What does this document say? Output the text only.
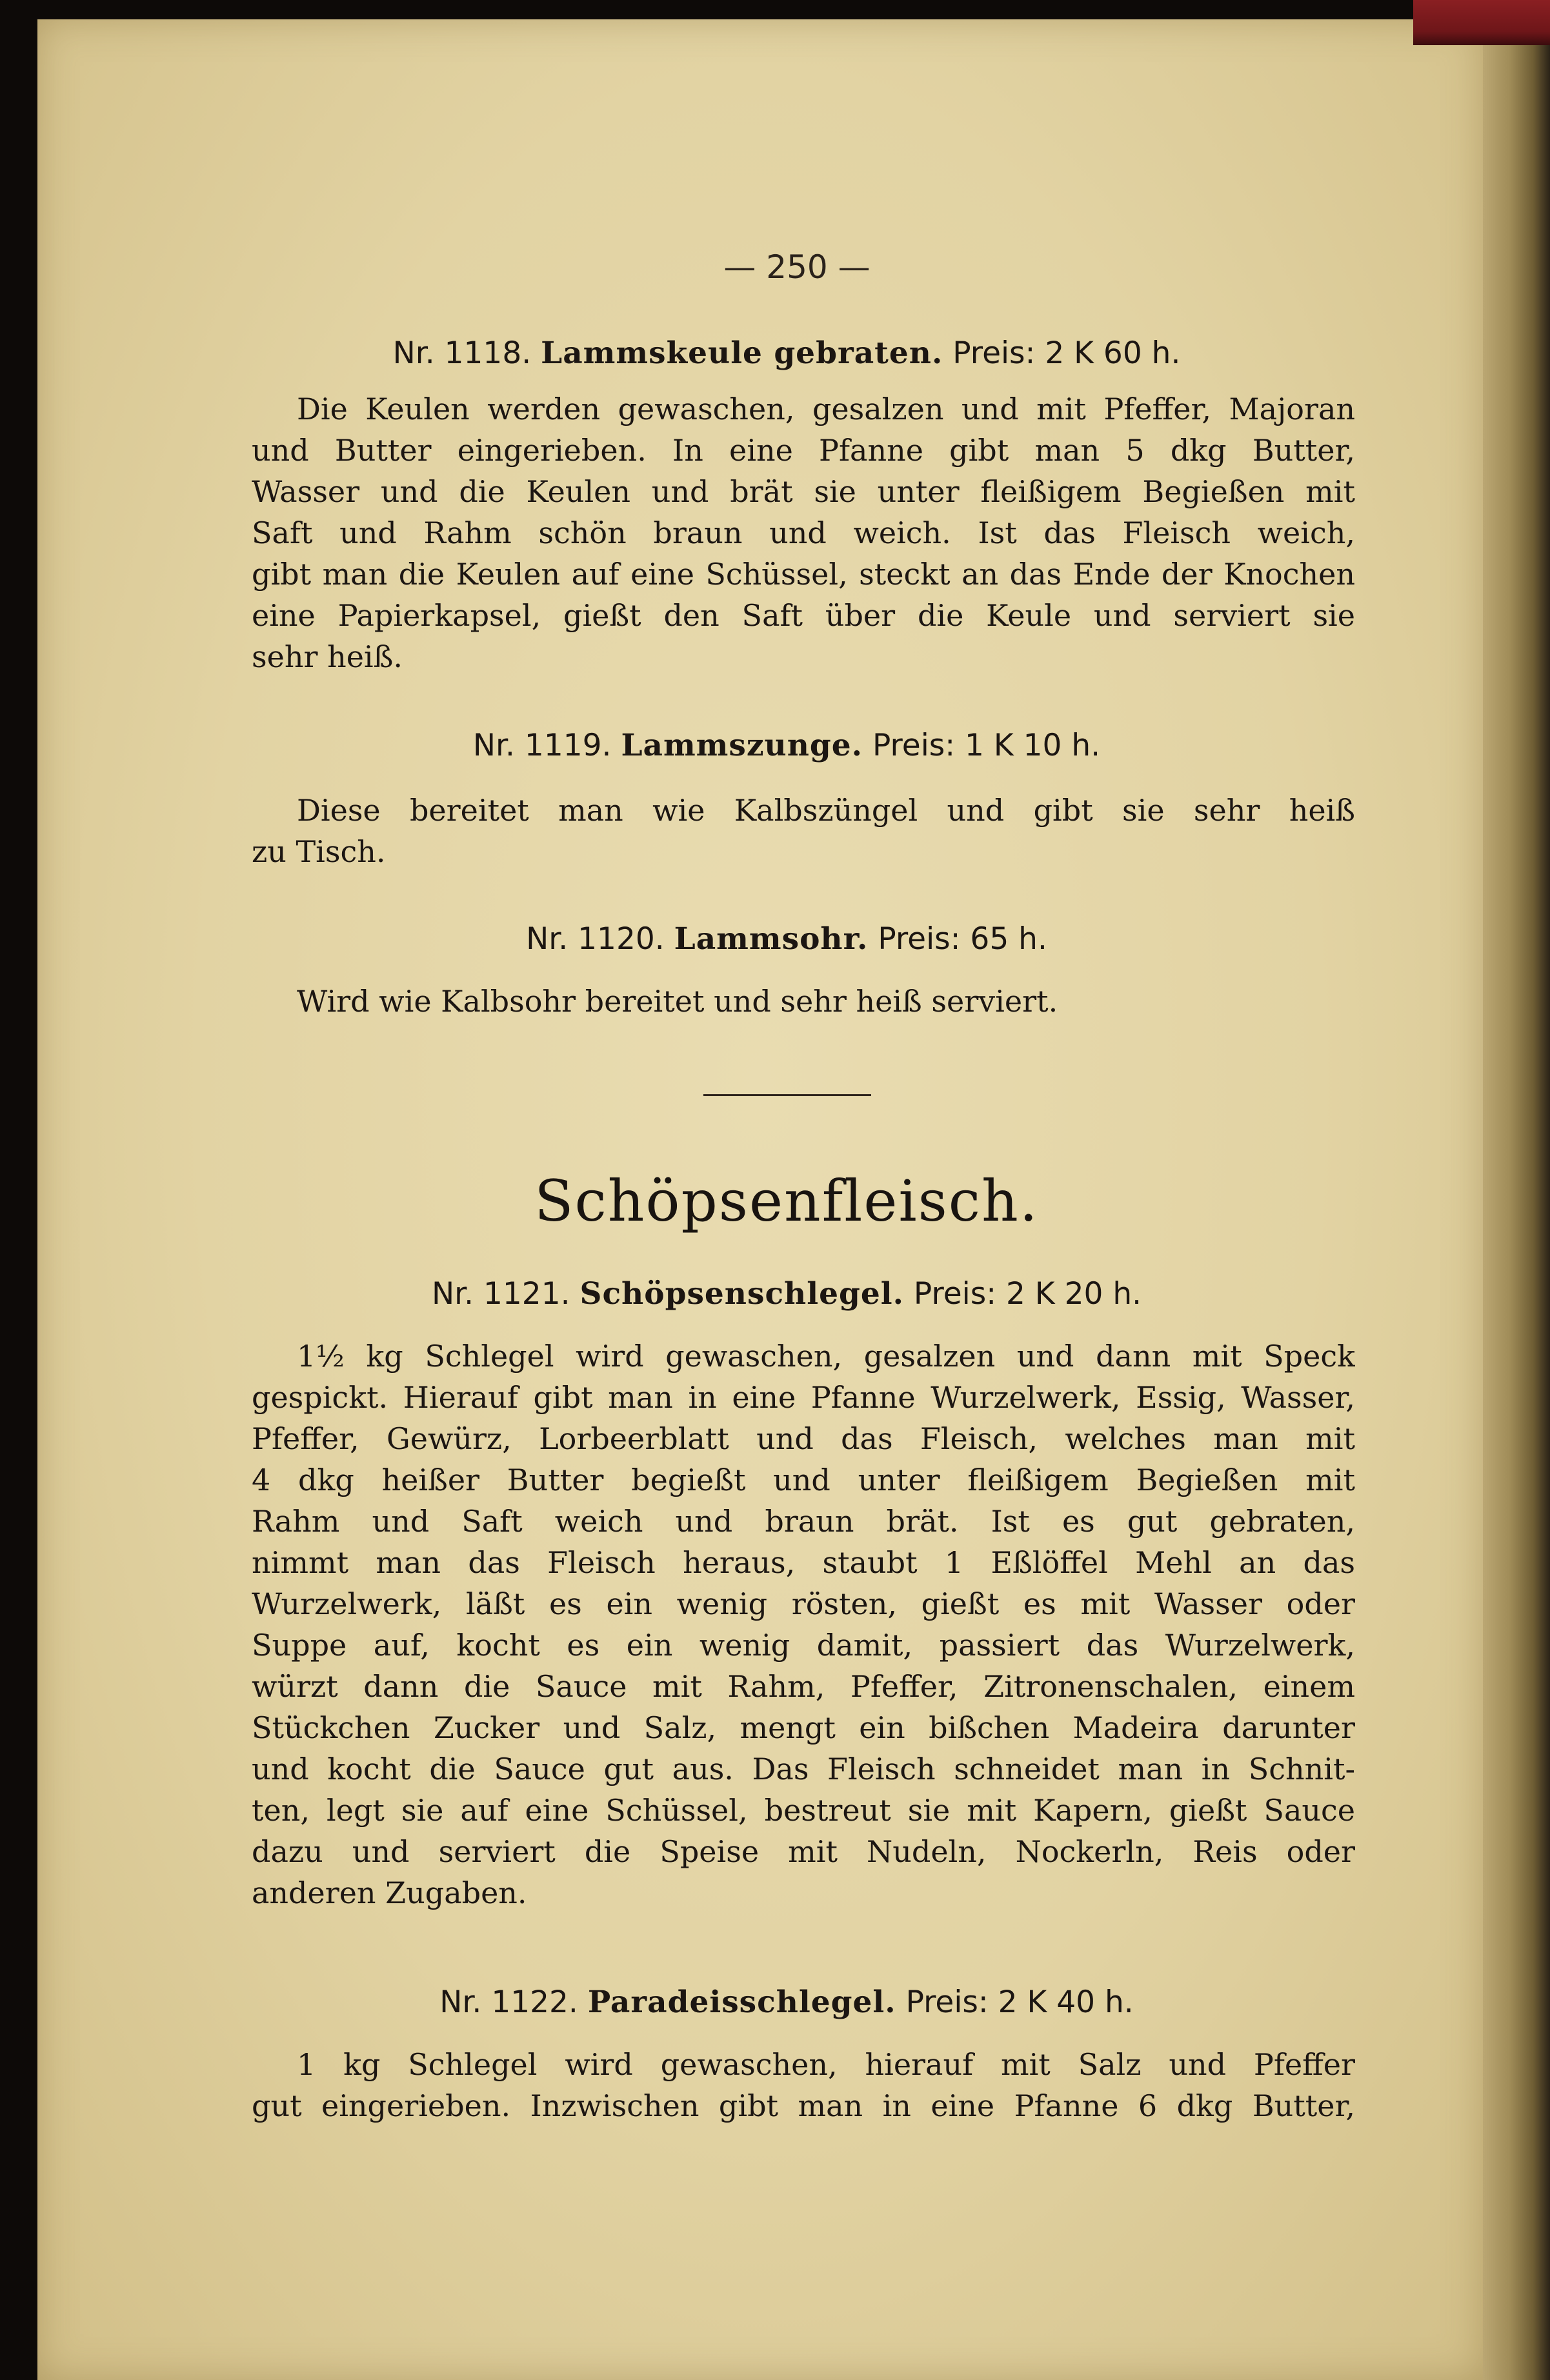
— 250 —
Nr. 1118. Lammskeule gebraten. Preis: 2 K 60 h.
Die Keulen werden gewaschen, gesalzen und mit Pfeffer, Majoran
und Butter eingerieben. In eine Pfanne gibt man 5 dkg Butter,
Wasser und die Keulen und brät sie unter fleißigem Begießen mit
Saft und Rahm schön braun und weich. Ist das Fleisch weich,
gibt man die Keulen auf eine Schüssel, steckt an das Ende der Knochen
eine Papierkapsel, gießt den Saft über die Keule und serviert sie
sehr heiß.
Nr. 1119. Lammszunge. Preis: 1 K 10 h.
Diese bereitet man wie Kalbszüngel und gibt sie sehr heiß
zu Tisch.
Nr. 1120. Lammsohr. Preis: 65 h.
Wird wie Kalbsohr bereitet und sehr heiß serviert.
Schöpsenfleisch.
Nr. 1121. Schöpsenschlegel. Preis: 2 K 20 h.
1½ kg Schlegel wird gewaschen, gesalzen und dann mit Speck
gespickt. Hierauf gibt man in eine Pfanne Wurzelwerk, Essig, Wasser,
Pfeffer, Gewürz, Lorbeerblatt und das Fleisch, welches man mit
4 dkg heißer Butter begießt und unter fleißigem Begießen mit
Rahm und Saft weich und braun brät. Ist es gut gebraten,
nimmt man das Fleisch heraus, staubt 1 Eßlöffel Mehl an das
Wurzelwerk, läßt es ein wenig rösten, gießt es mit Wasser oder
Suppe auf, kocht es ein wenig damit, passiert das Wurzelwerk,
würzt dann die Sauce mit Rahm, Pfeffer, Zitronenschalen, einem
Stückchen Zucker und Salz, mengt ein bißchen Madeira darunter
und kocht die Sauce gut aus. Das Fleisch schneidet man in Schnit-
ten, legt sie auf eine Schüssel, bestreut sie mit Kapern, gießt Sauce
dazu und serviert die Speise mit Nudeln, Nockerln, Reis oder
anderen Zugaben.
Nr. 1122. Paradeisschlegel. Preis: 2 K 40 h.
1 kg Schlegel wird gewaschen, hierauf mit Salz und Pfeffer
gut eingerieben. Inzwischen gibt man in eine Pfanne 6 dkg Butter,
